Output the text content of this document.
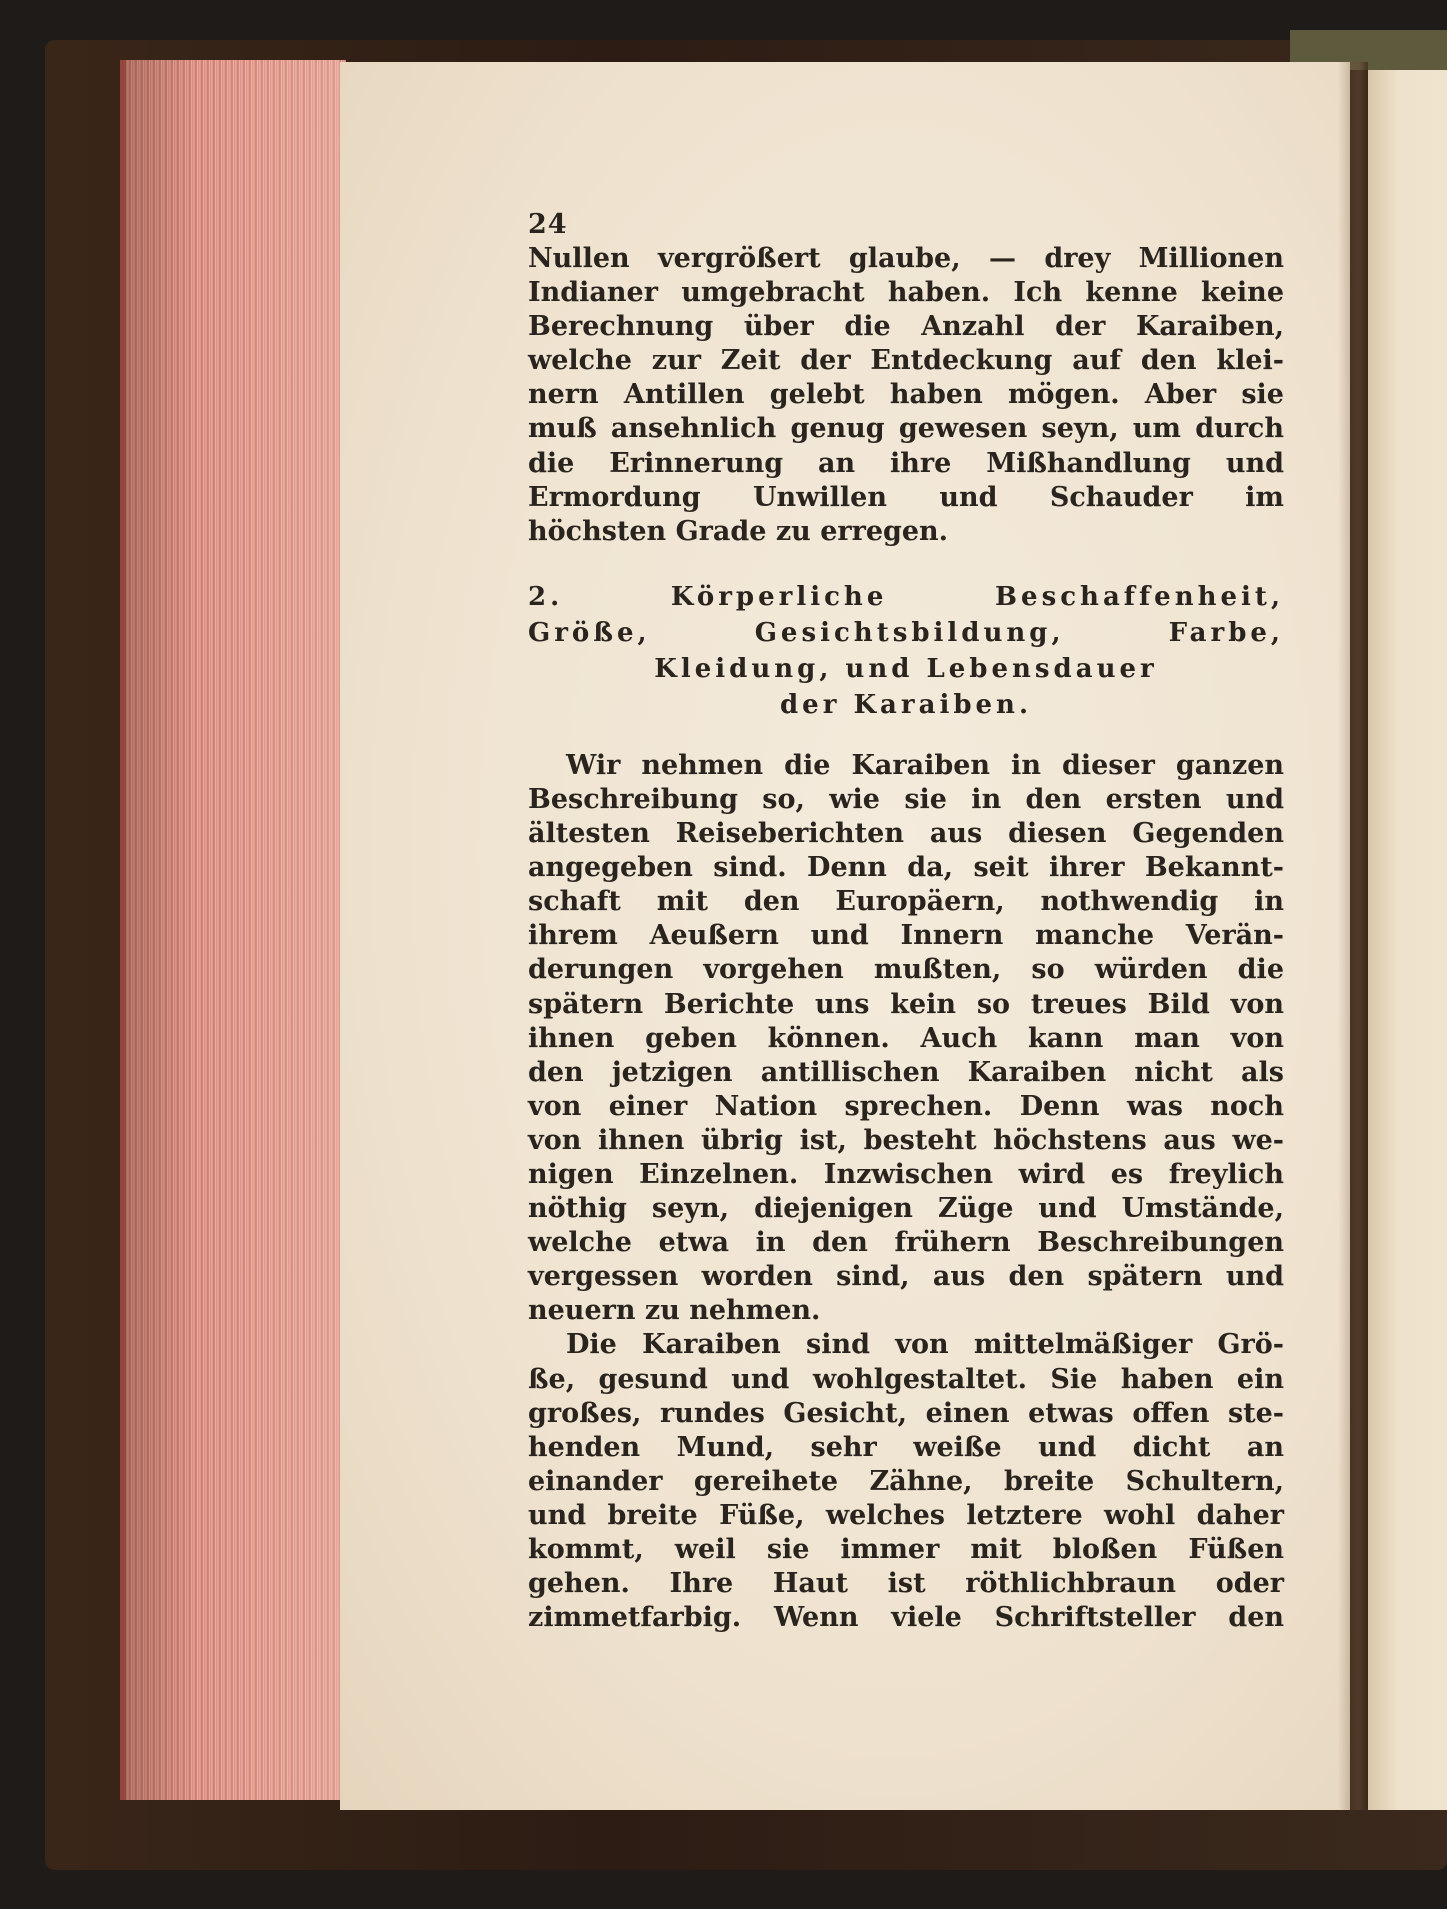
24
Nullen vergrößert glaube, — drey Millionen
Indianer umgebracht haben. Ich kenne keine
Berechnung über die Anzahl der Karaiben,
welche zur Zeit der Entdeckung auf den klei-
nern Antillen gelebt haben mögen. Aber sie
muß ansehnlich genug gewesen seyn, um durch
die Erinnerung an ihre Mißhandlung und
Ermordung Unwillen und Schauder im
höchsten Grade zu erregen.
2. Körperliche Beschaffenheit,
Größe, Gesichtsbildung, Farbe,
Kleidung, und Lebensdauer
der Karaiben.
Wir nehmen die Karaiben in dieser ganzen
Beschreibung so, wie sie in den ersten und
ältesten Reiseberichten aus diesen Gegenden
angegeben sind. Denn da, seit ihrer Bekannt-
schaft mit den Europäern, nothwendig in
ihrem Aeußern und Innern manche Verän-
derungen vorgehen mußten, so würden die
spätern Berichte uns kein so treues Bild von
ihnen geben können. Auch kann man von
den jetzigen antillischen Karaiben nicht als
von einer Nation sprechen. Denn was noch
von ihnen übrig ist, besteht höchstens aus we-
nigen Einzelnen. Inzwischen wird es freylich
nöthig seyn, diejenigen Züge und Umstände,
welche etwa in den frühern Beschreibungen
vergessen worden sind, aus den spätern und
neuern zu nehmen.
Die Karaiben sind von mittelmäßiger Grö-
ße, gesund und wohlgestaltet. Sie haben ein
großes, rundes Gesicht, einen etwas offen ste-
henden Mund, sehr weiße und dicht an
einander gereihete Zähne, breite Schultern,
und breite Füße, welches letztere wohl daher
kommt, weil sie immer mit bloßen Füßen
gehen. Ihre Haut ist röthlichbraun oder
zimmetfarbig. Wenn viele Schriftsteller den
